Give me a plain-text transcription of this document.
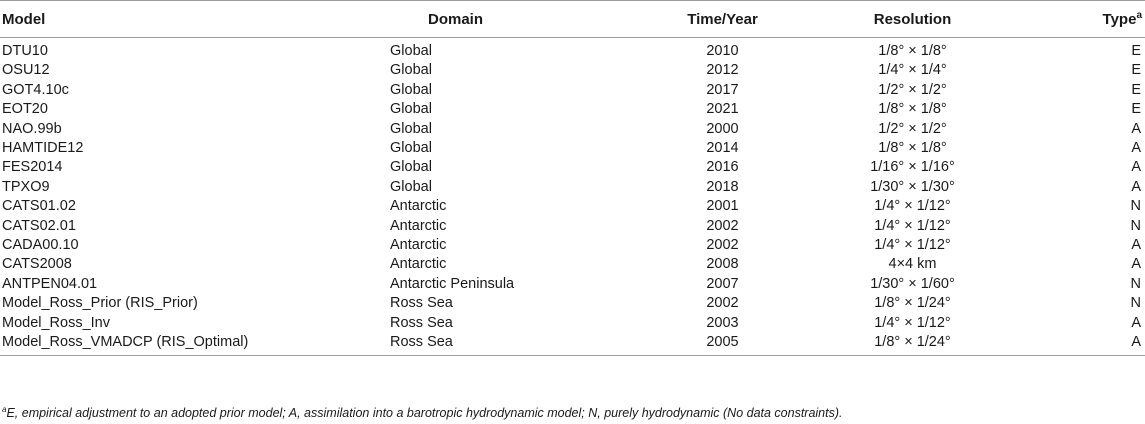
Model	Domain	Time/Year	Resolution	Type$^a$
DTU10	Global	2010	1/8° × 1/8°	E
OSU12	Global	2012	1/4° × 1/4°	E
GOT4.10c	Global	2017	1/2° × 1/2°	E
EOT20	Global	2021	1/8° × 1/8°	E
NAO.99b	Global	2000	1/2° × 1/2°	A
HAMTIDE12	Global	2014	1/8° × 1/8°	A
FES2014	Global	2016	1/16° × 1/16°	A
TPXO9	Global	2018	1/30° × 1/30°	A
CATS01.02	Antarctic	2001	1/4° × 1/12°	N
CATS02.01	Antarctic	2002	1/4° × 1/12°	N
CADA00.10	Antarctic	2002	1/4° × 1/12°	A
CATS2008	Antarctic	2008	4×4 km	A
ANTPEN04.01	Antarctic Peninsula	2007	1/30° × 1/60°	N
Model_Ross_Prior (RIS_Prior)	Ross Sea	2002	1/8° × 1/24°	N
Model_Ross_Inv	Ross Sea	2003	1/4° × 1/12°	A
Model_Ross_VMADCP (RIS_Optimal)	Ross Sea	2005	1/8° × 1/24°	A
$^a$E, empirical adjustment to an adopted prior model; A, assimilation into a barotropic hydrodynamic model; N, purely hydrodynamic (No data constraints).
